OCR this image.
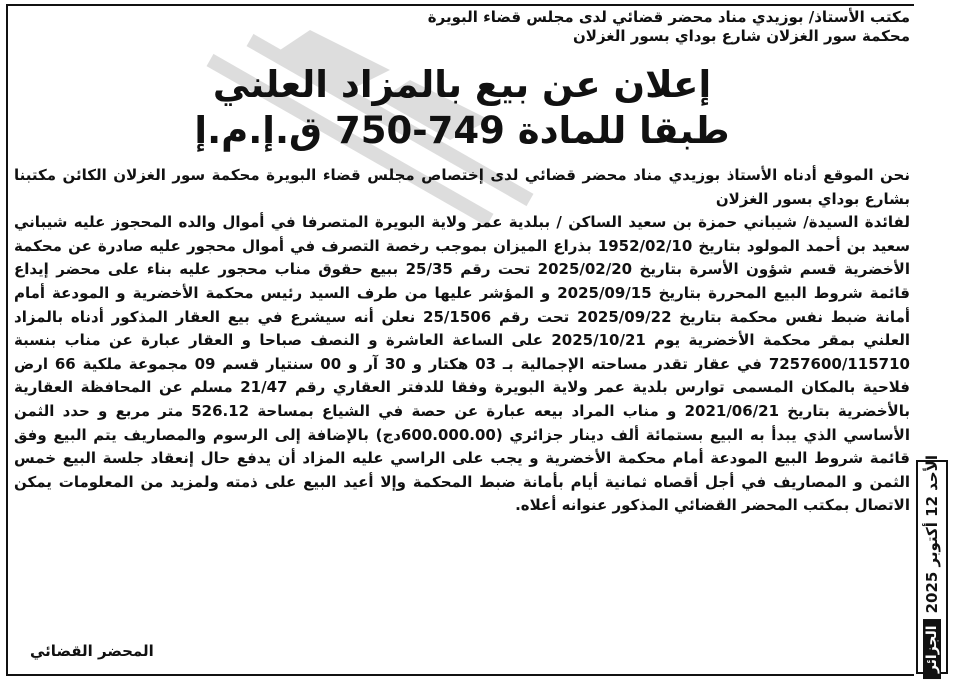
مكتب الأستاذ/ بوزيدي مناد محضر قضائي لدى مجلس قضاء البويرة
محكمة سور الغزلان شارع بوداي بسور الغزلان
إعلان عن بيع بالمزاد العلني
طبقا للمادة 749-750 ق.إ.م.إ

نحن الموقع أدناه الأستاذ بوزيدي مناد محضر قضائي لدى إختصاص مجلس قضاء البويرة محكمة سور الغزلان الكائن مكتبنا بشارع بوداي بسور الغزلان

لفائدة السيدة/ شيباني حمزة بن سعيد الساكن / ببلدية عمر ولاية البويرة المتصرفا في أموال والده المحجوز عليه شيباني سعيد بن أحمد المولود بتاريخ 1952/02/10 بذراع الميزان بموجب رخصة التصرف في أموال محجور عليه صادرة عن محكمة الأخضرية قسم شؤون الأسرة بتاريخ 2025/02/20 تحت رقم 25/35 ببيع حقوق مناب محجور عليه بناء على محضر إيداع قائمة شروط البيع المحررة بتاريخ 2025/09/15 و المؤشر عليها من طرف السيد رئيس محكمة الأخضرية و المودعة أمام أمانة ضبط نفس محكمة بتاريخ 2025/09/22 تحت رقم 25/1506 نعلن أنه سيشرع في بيع العقار المذكور أدناه بالمزاد العلني بمقر محكمة الأخضرية يوم 2025/10/21 على الساعة العاشرة و النصف صباحا و العقار عبارة عن مناب بنسبة 7257600/115710 في عقار تقدر مساحته الإجمالية بـ 03 هكتار و 30 آر و 00 سنتيار قسم 09 مجموعة ملكية 66 ارض فلاحية بالمكان المسمى توارس بلدية عمر ولاية البويرة وفقا للدفتر العقاري رقم 21/47 مسلم عن المحافظة العقارية بالأخضرية بتاريخ 2021/06/21 و مناب المراد بيعه عبارة عن حصة في الشياع بمساحة 526.12 متر مربع و حدد الثمن الأساسي الذي يبدأ به البيع بستمائة ألف دينار جزائري (600.000.00دج) بالإضافة إلى الرسوم والمصاريف يتم البيع وفق قائمة شروط البيع المودعة أمام محكمة الأخضرية و يجب على الراسي عليه المزاد أن يدفع حال إنعقاد جلسة البيع خمس الثمن و المصاريف في أجل أقصاه ثمانية أيام بأمانة ضبط المحكمة وإلا أعيد البيع على ذمته ولمزيد من المعلومات يمكن الاتصال بمكتب المحضر القضائي المذكور عنوانه أعلاه.

المحضر القضائي
الأحد 12 أكتوبر 2025
الجزائر
